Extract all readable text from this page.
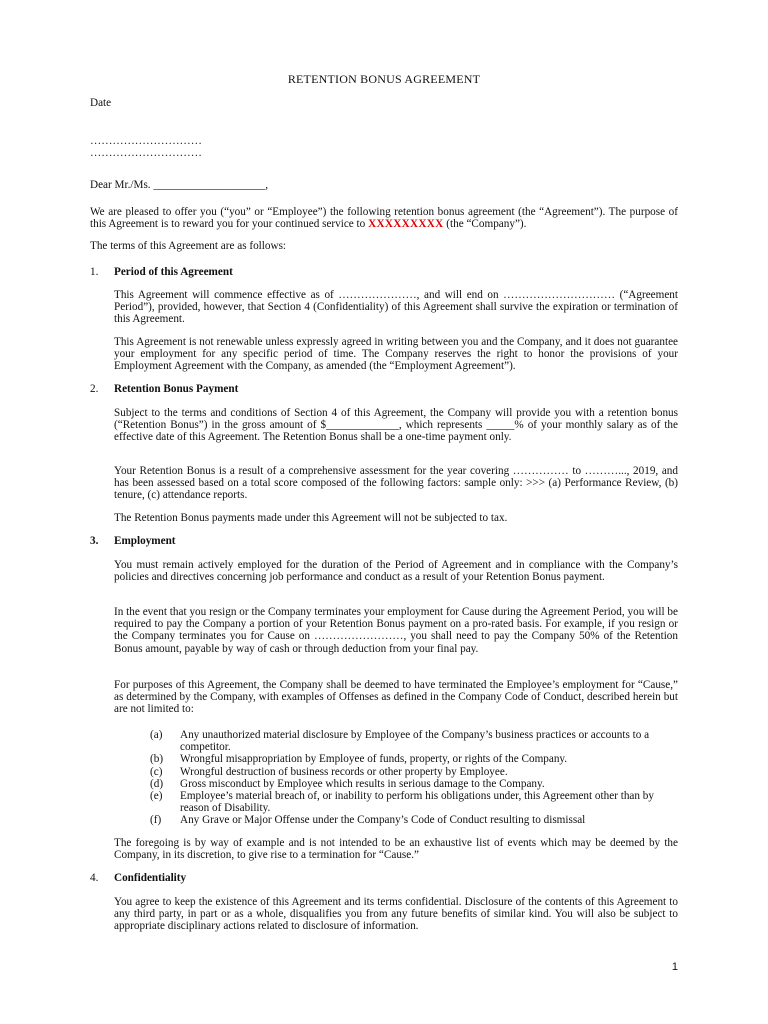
RETENTION BONUS AGREEMENT
Date
…………………………
…………………………
Dear Mr./Ms. ____________________,

We are pleased to offer you (“you” or “Employee”) the following retention bonus agreement (the “Agreement”). The purpose of this Agreement is to reward you for your continued service to XXXXXXXXX (the “Company”).

The terms of this Agreement are as follows:
1. Period of this Agreement

This Agreement will commence effective as of …………………, and will end on ………………………… (“Agreement Period”), provided, however, that Section 4 (Confidentiality) of this Agreement shall survive the expiration or termination of this Agreement.

This Agreement is not renewable unless expressly agreed in writing between you and the Company, and it does not guarantee your employment for any specific period of time. The Company reserves the right to honor the provisions of your Employment Agreement with the Company, as amended (the “Employment Agreement”).

2. Retention Bonus Payment

Subject to the terms and conditions of Section 4 of this Agreement, the Company will provide you with a retention bonus (“Retention Bonus”) in the gross amount of $_____________, which represents _____% of your monthly salary as of the effective date of this Agreement. The Retention Bonus shall be a one-time payment only.

Your Retention Bonus is a result of a comprehensive assessment for the year covering …………… to ………..., 2019, and has been assessed based on a total score composed of the following factors: sample only: >>> (a) Performance Review, (b) tenure, (c) attendance reports.

The Retention Bonus payments made under this Agreement will not be subjected to tax.

3. Employment

You must remain actively employed for the duration of the Period of Agreement and in compliance with the Company’s policies and directives concerning job performance and conduct as a result of your Retention Bonus payment.

In the event that you resign or the Company terminates your employment for Cause during the Agreement Period, you will be required to pay the Company a portion of your Retention Bonus payment on a pro-rated basis. For example, if you resign or the Company terminates you for Cause on ……………………, you shall need to pay the Company 50% of the Retention Bonus amount, payable by way of cash or through deduction from your final pay.

For purposes of this Agreement, the Company shall be deemed to have terminated the Employee’s employment for “Cause,” as determined by the Company, with examples of Offenses as defined in the Company Code of Conduct, described herein but are not limited to:

(a) Any unauthorized material disclosure by Employee of the Company’s business practices or accounts to a competitor.
(b) Wrongful misappropriation by Employee of funds, property, or rights of the Company.
(c) Wrongful destruction of business records or other property by Employee.
(d) Gross misconduct by Employee which results in serious damage to the Company.
(e) Employee’s material breach of, or inability to perform his obligations under, this Agreement other than by reason of Disability.
(f) Any Grave or Major Offense under the Company’s Code of Conduct resulting to dismissal

The foregoing is by way of example and is not intended to be an exhaustive list of events which may be deemed by the Company, in its discretion, to give rise to a termination for “Cause.”

4. Confidentiality

You agree to keep the existence of this Agreement and its terms confidential. Disclosure of the contents of this Agreement to any third party, in part or as a whole, disqualifies you from any future benefits of similar kind. You will also be subject to appropriate disciplinary actions related to disclosure of information.

1
